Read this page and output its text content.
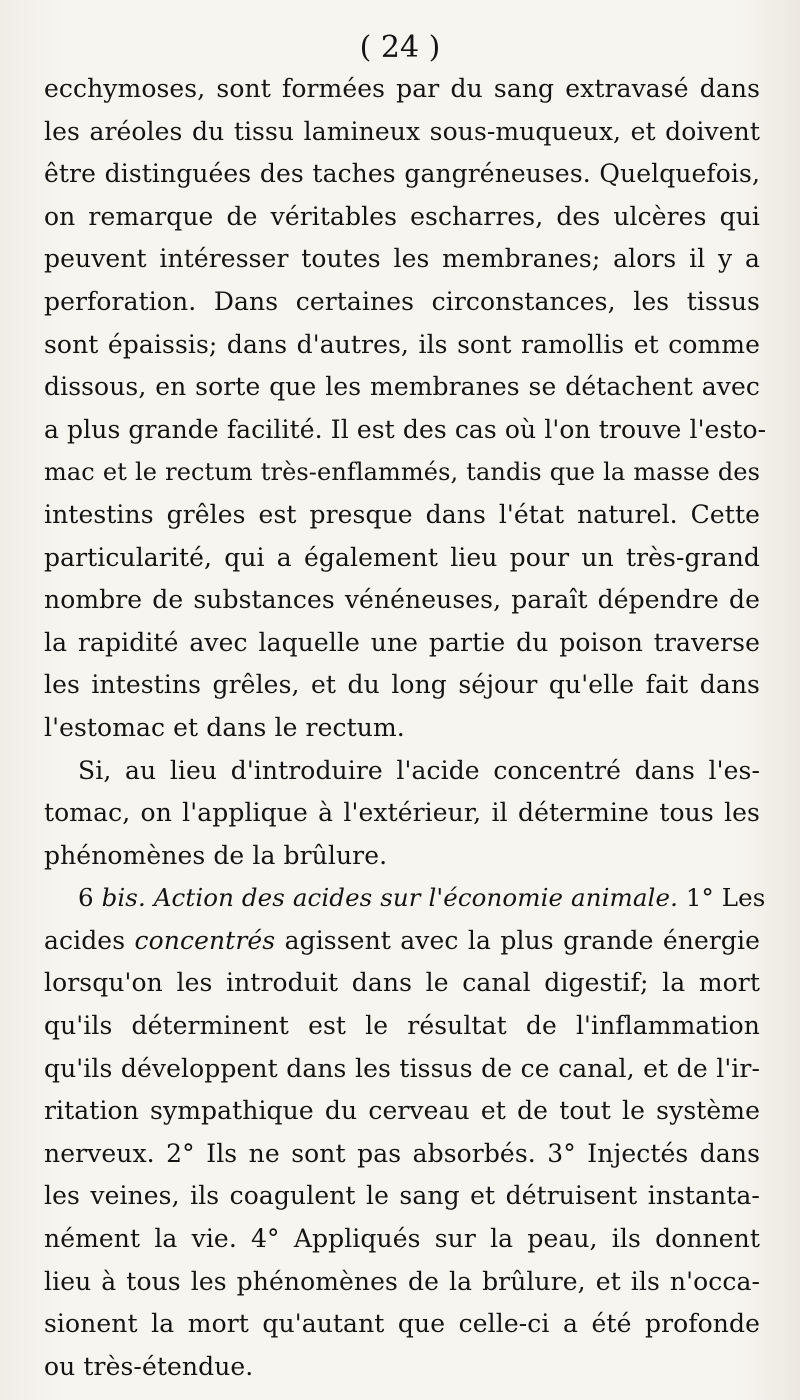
( 24 )
ecchymoses, sont formées par du sang extravasé dans
les aréoles du tissu lamineux sous-muqueux, et doivent
être distinguées des taches gangréneuses. Quelquefois,
on remarque de véritables escharres, des ulcères qui
peuvent intéresser toutes les membranes; alors il y a
perforation. Dans certaines circonstances, les tissus
sont épaissis; dans d'autres, ils sont ramollis et comme
dissous, en sorte que les membranes se détachent avec
a plus grande facilité. Il est des cas où l'on trouve l'esto-
mac et le rectum très-enflammés, tandis que la masse des
intestins grêles est presque dans l'état naturel. Cette
particularité, qui a également lieu pour un très-grand
nombre de substances vénéneuses, paraît dépendre de
la rapidité avec laquelle une partie du poison traverse
les intestins grêles, et du long séjour qu'elle fait dans
l'estomac et dans le rectum.
Si, au lieu d'introduire l'acide concentré dans l'es-
tomac, on l'applique à l'extérieur, il détermine tous les
phénomènes de la brûlure.
6 bis. Action des acides sur l'économie animale. 1° Les
acides concentrés agissent avec la plus grande énergie
lorsqu'on les introduit dans le canal digestif; la mort
qu'ils déterminent est le résultat de l'inflammation
qu'ils développent dans les tissus de ce canal, et de l'ir-
ritation sympathique du cerveau et de tout le système
nerveux. 2° Ils ne sont pas absorbés. 3° Injectés dans
les veines, ils coagulent le sang et détruisent instanta-
nément la vie. 4° Appliqués sur la peau, ils donnent
lieu à tous les phénomènes de la brûlure, et ils n'occa-
sionent la mort qu'autant que celle-ci a été profonde
ou très-étendue.
